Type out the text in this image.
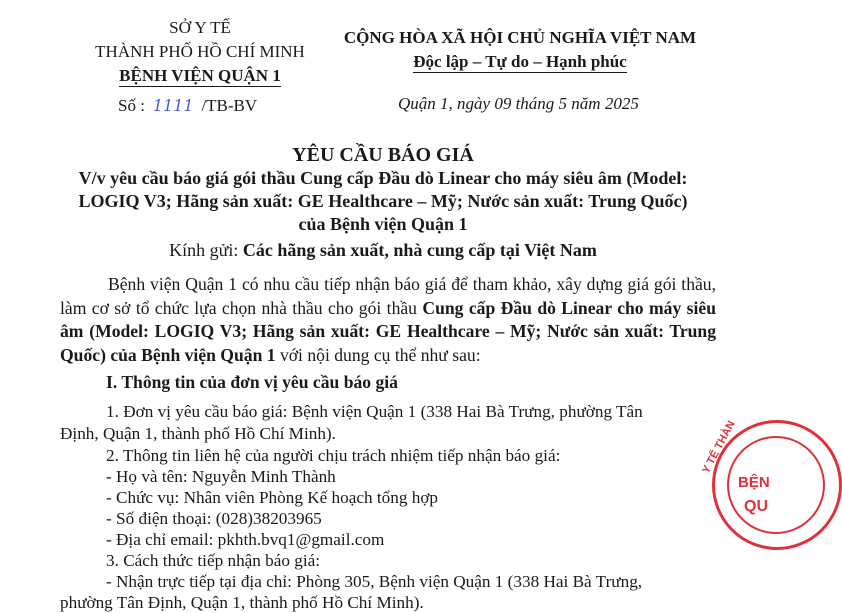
SỞ Y TẾ
THÀNH PHỐ HỒ CHÍ MINH
BỆNH VIỆN QUẬN 1
Số : 1111 /TB-BV
CỘNG HÒA XÃ HỘI CHỦ NGHĨA VIỆT NAM
Độc lập – Tự do – Hạnh phúc
Quận 1, ngày 09 tháng 5 năm 2025
YÊU CẦU BÁO GIÁ
V/v yêu cầu báo giá gói thầu Cung cấp Đầu dò Linear cho máy siêu âm (Model:
LOGIQ V3; Hãng sản xuất: GE Healthcare – Mỹ; Nước sản xuất: Trung Quốc)
của Bệnh viện Quận 1
Kính gửi: Các hãng sản xuất, nhà cung cấp tại Việt Nam
Bệnh viện Quận 1 có nhu cầu tiếp nhận báo giá để tham khảo, xây dựng giá gói thầu, làm cơ sở tổ chức lựa chọn nhà thầu cho gói thầu Cung cấp Đầu dò Linear cho máy siêu âm (Model: LOGIQ V3; Hãng sản xuất: GE Healthcare – Mỹ; Nước sản xuất: Trung Quốc) của Bệnh viện Quận 1 với nội dung cụ thể như sau:
I. Thông tin của đơn vị yêu cầu báo giá
1. Đơn vị yêu cầu báo giá: Bệnh viện Quận 1 (338 Hai Bà Trưng, phường Tân
Định, Quận 1, thành phố Hồ Chí Minh).
2. Thông tin liên hệ của người chịu trách nhiệm tiếp nhận báo giá:
- Họ và tên: Nguyễn Minh Thành
- Chức vụ: Nhân viên Phòng Kế hoạch tổng hợp
- Số điện thoại: (028)38203965
- Địa chỉ email: pkhth.bvq1@gmail.com
3. Cách thức tiếp nhận báo giá:
- Nhận trực tiếp tại địa chỉ: Phòng 305, Bệnh viện Quận 1 (338 Hai Bà Trưng,
phường Tân Định, Quận 1, thành phố Hồ Chí Minh).
Y TẾ THÀN
BỆN
QU
